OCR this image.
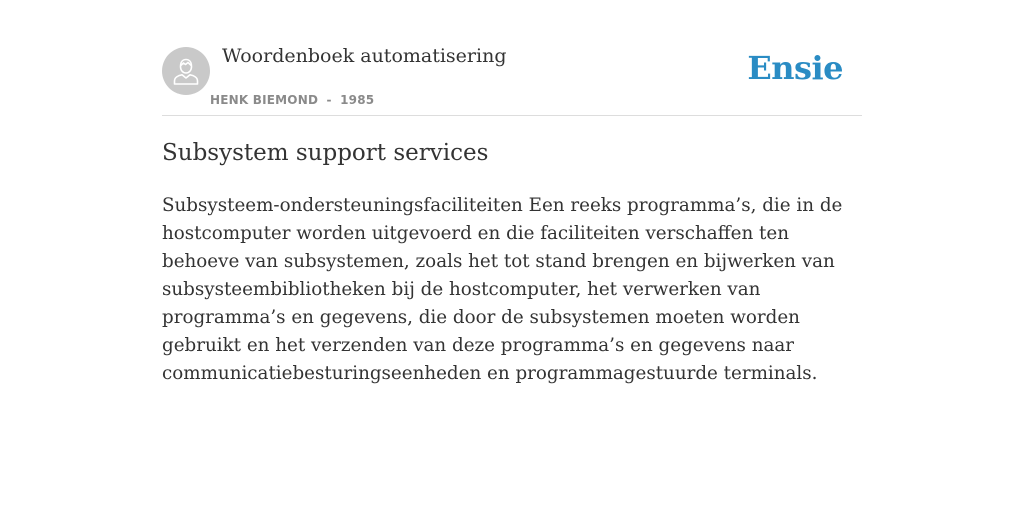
Woordenboek automatisering
HENK BIEMOND - 1985
Ensie
Subsystem support services

Subsysteem-ondersteuningsfaciliteiten Een reeks programma’s, die in de hostcomputer worden uitgevoerd en die faciliteiten verschaffen ten behoeve van subsystemen, zoals het tot stand brengen en bijwerken van subsysteembibliotheken bij de hostcomputer, het verwerken van programma’s en gegevens, die door de subsystemen moeten worden gebruikt en het verzenden van deze programma’s en gegevens naar communicatiebesturingseenheden en programmagestuurde terminals.
